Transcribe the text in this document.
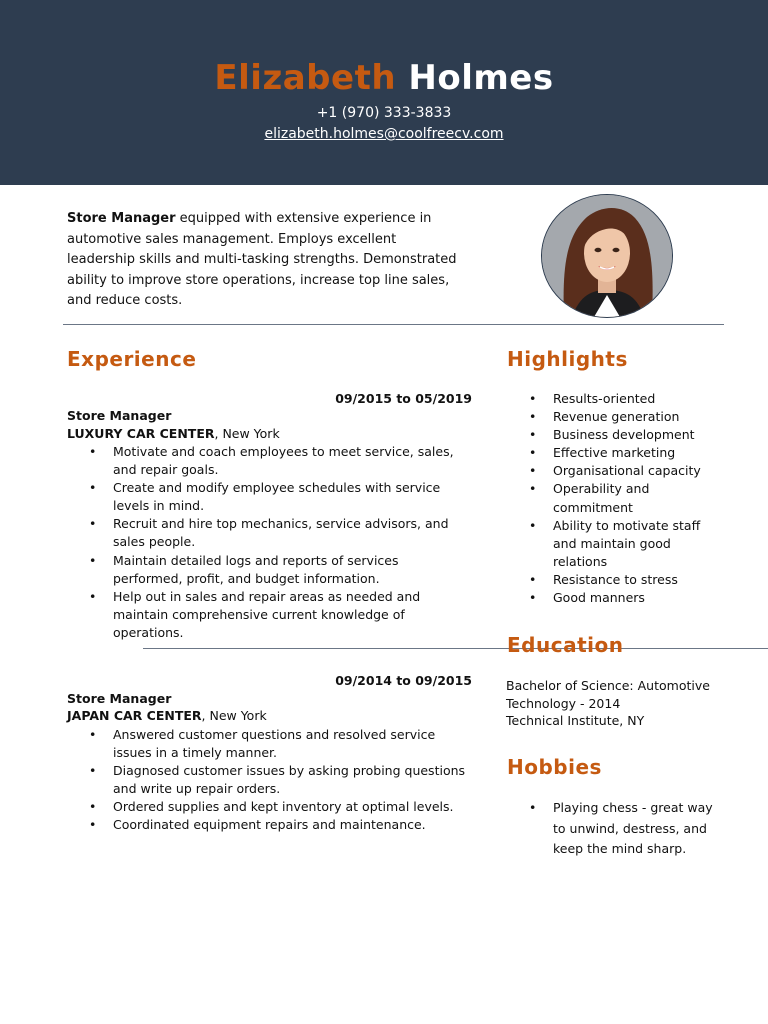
Elizabeth Holmes
+1 (970) 333-3833
elizabeth.holmes@coolfreecv.com
Store Manager equipped with extensive experience in automotive sales management. Employs excellent leadership skills and multi-tasking strengths. Demonstrated ability to improve store operations, increase top line sales, and reduce costs.
Experience
09/2015 to 05/2019
Store Manager
LUXURY CAR CENTER, New York
• Motivate and coach employees to meet service, sales, and repair goals.
• Create and modify employee schedules with service levels in mind.
• Recruit and hire top mechanics, service advisors, and sales people.
• Maintain detailed logs and reports of services performed, profit, and budget information.
• Help out in sales and repair areas as needed and maintain comprehensive current knowledge of operations.
09/2014 to 09/2015
Store Manager
JAPAN CAR CENTER, New York
• Answered customer questions and resolved service issues in a timely manner.
• Diagnosed customer issues by asking probing questions and write up repair orders.
• Ordered supplies and kept inventory at optimal levels.
• Coordinated equipment repairs and maintenance.
Highlights
• Results-oriented
• Revenue generation
• Business development
• Effective marketing
• Organisational capacity
• Operability and commitment
• Ability to motivate staff and maintain good relations
• Resistance to stress
• Good manners
Education
Bachelor of Science: Automotive
Technology - 2014
Technical Institute, NY
Hobbies
• Playing chess - great way to unwind, destress, and keep the mind sharp.
